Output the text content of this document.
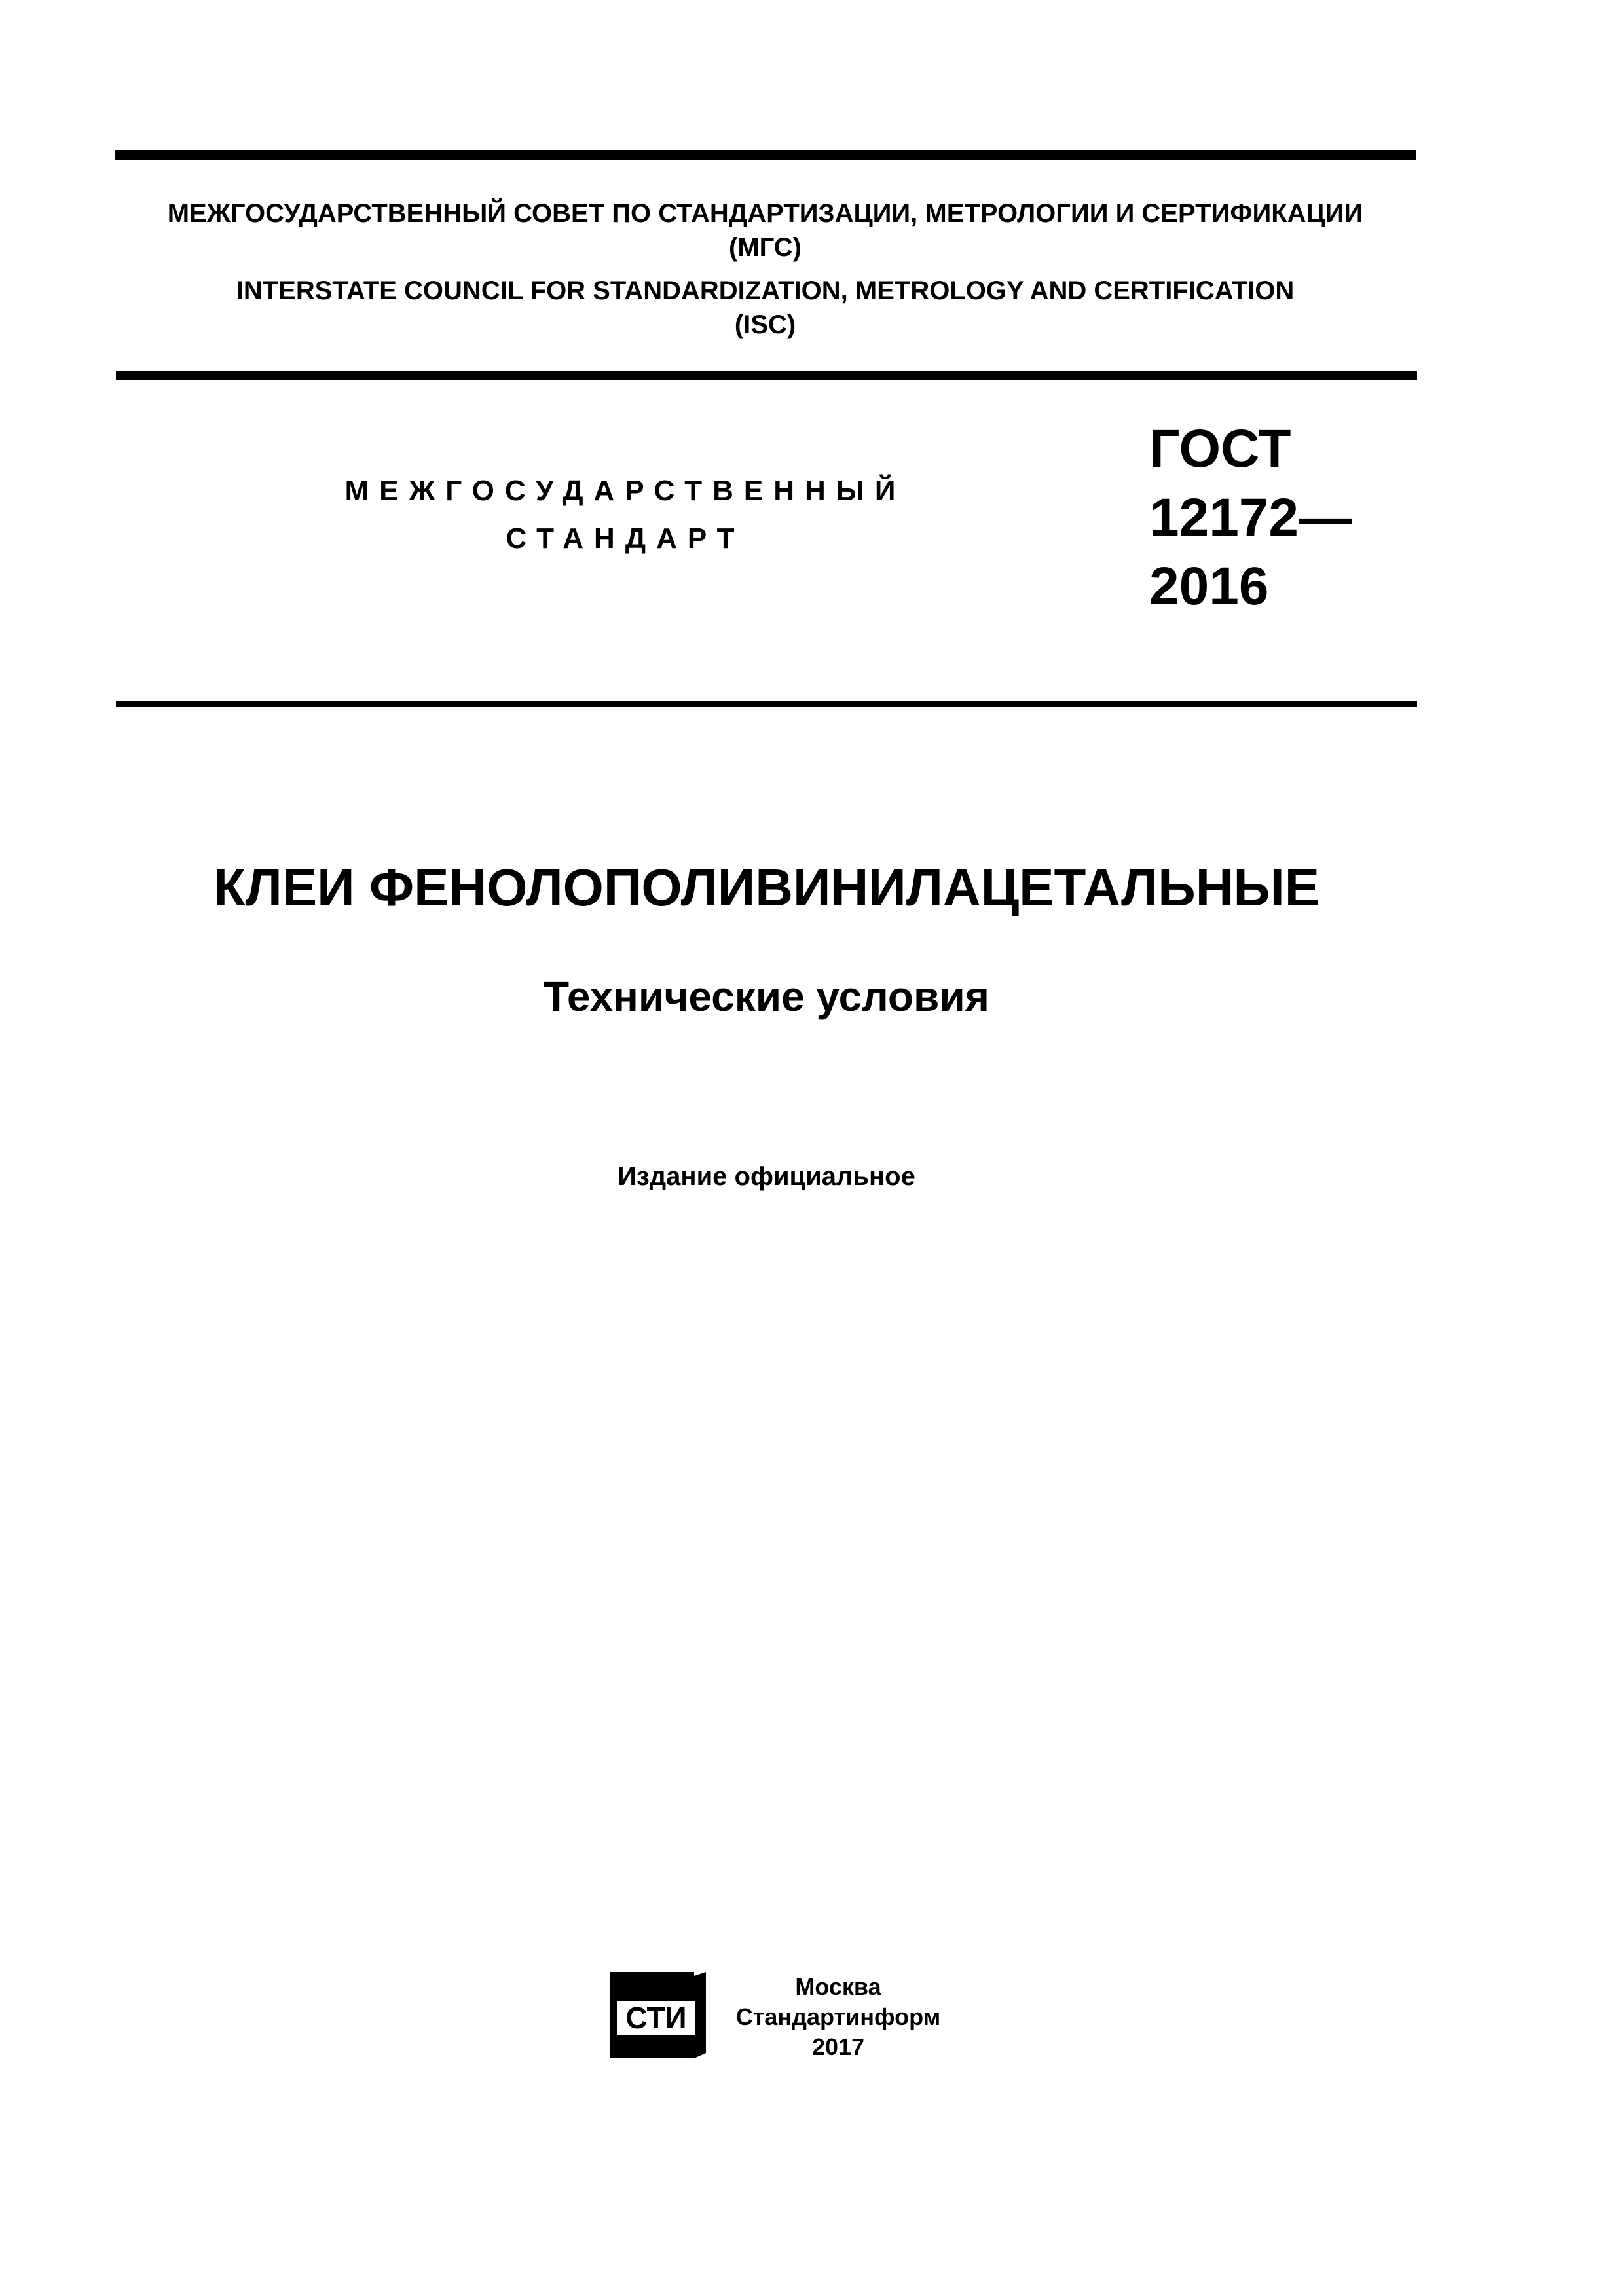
МЕЖГОСУДАРСТВЕННЫЙ СОВЕТ ПО СТАНДАРТИЗАЦИИ, МЕТРОЛОГИИ И СЕРТИФИКАЦИИ
(МГС)
INTERSTATE COUNCIL FOR STANDARDIZATION, METROLOGY AND CERTIFICATION
(ISC)
МЕЖГОСУДАРСТВЕННЫЙ
СТАНДАРТ
ГОСТ
12172—
2016
КЛЕИ ФЕНОЛОПОЛИВИНИЛАЦЕТАЛЬНЫЕ
Технические условия
Издание официальное
СТИ
Москва
Стандартинформ
2017
